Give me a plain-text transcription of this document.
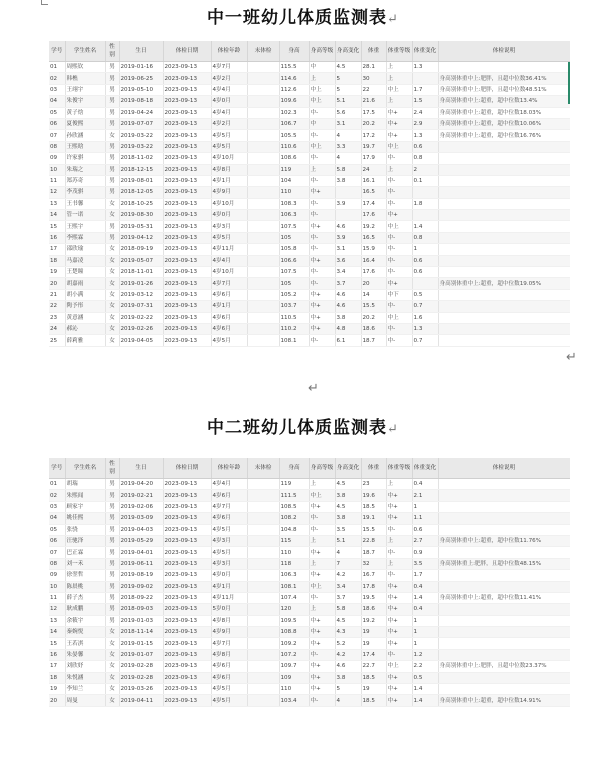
中一班幼儿体质监测表↵
学号	学生姓名	性别	生日	体检日期	体检年龄	末体检	身高	身高等级	身高变化	体重	体重等级	体重变化	体检说明
01	周熙钦	男	2019-01-16	2023-09-13	4岁7月		115.5	中	4.5	28.1	上	1.3	
02	韩樵	男	2019-06-25	2023-09-13	4岁2月		114.6	上	5	30	上		身高别体重中上:肥胖，且超中位数36.41%
03	王翊宇	男	2019-05-10	2023-09-13	4岁4月		112.6	中上	5	22	中上	1.7	身高别体重中上:肥胖，且超中位数48.51%
04	朱俊宇	男	2019-08-18	2023-09-13	4岁0月		109.6	中上	5.1	21.6	上	1.5	身高别体重中上:超重，超中位数13.4%
05	黄子焓	男	2019-04-24	2023-09-13	4岁4月		102.3	中-	5.6	17.5	中+	2.4	身高别体重中上:超重，超中位数18.03%
06	夏俊熙	男	2019-07-07	2023-09-13	4岁2月		106.7	中	3.1	20.2	中+	2.9	身高别体重中上:超重，超中位数10.06%
07	孙欣涵	女	2019-03-22	2023-09-13	4岁5月		105.5	中-	4	17.2	中+	1.3	身高别体重中上:超重，超中位数16.76%
08	王熙晗	男	2019-03-22	2023-09-13	4岁5月		110.6	中上	3.3	19.7	中上	0.6	
09	许家骐	男	2018-11-02	2023-09-13	4岁10月		108.6	中-	4	17.9	中-	0.8	
10	朱瑞之	男	2018-12-15	2023-09-13	4岁8月		119	上	5.8	24	上	2	
11	郑苏奇	男	2019-08-01	2023-09-13	4岁1月		104	中-	3.8	16.1	中-	0.1	
12	李茂骐	男	2018-12-05	2023-09-13	4岁9月		110	中+		16.5	中-		
13	王书馨	女	2018-10-25	2023-09-13	4岁10月		108.3	中-	3.9	17.4	中-	1.8	
14	管一诺	女	2019-08-30	2023-09-13	4岁0月		106.3	中-		17.6	中+		
15	王熙宇	男	2019-05-31	2023-09-13	4岁3月		107.5	中+	4.6	19.2	中上	1.4	
16	李熙霖	男	2019-04-12	2023-09-13	4岁5月		105	中-	3.9	16.5	中-	0.8	
17	邵欣瑜	女	2018-09-19	2023-09-13	4岁11月		105.8	中-	3.1	15.9	中-	1	
18	马嘉凌	女	2019-05-07	2023-09-13	4岁4月		106.6	中+	3.6	16.4	中-	0.6	
19	王楚瞳	女	2018-11-01	2023-09-13	4岁10月		107.5	中-	3.4	17.6	中-	0.6	
20	胡嘉雨	女	2019-01-26	2023-09-13	4岁7月		105	中-	3.7	20	中+		身高别体重中上:超重，超中位数19.05%
21	胡小满	女	2019-03-12	2023-09-13	4岁6月		105.2	中+	4.6	14	中下	0.5	
22	陶予彤	女	2019-07-31	2023-09-13	4岁1月		103.7	中+	4.6	15.5	中-	0.7	
23	黄意涵	女	2019-02-22	2023-09-13	4岁6月		110.5	中+	3.8	20.2	中上	1.6	
24	郝沁	女	2019-02-26	2023-09-13	4岁6月		110.2	中+	4.8	18.6	中-	1.3	
25	薛莉雅	女	2019-04-05	2023-09-13	4岁5月		108.1	中-	6.1	18.7	中-	0.7	
↵
↵
中二班幼儿体质监测表↵
学号	学生姓名	性别	生日	体检日期	体检年龄	末体检	身高	身高等级	身高变化	体重	体重等级	体重变化	体检说明
01	胡瑞	男	2019-04-20	2023-09-13	4岁4月		119	上	4.5	23	上	0.4	
02	朱熙闻	男	2019-02-21	2023-09-13	4岁6月		111.5	中上	3.8	19.6	中+	2.1	
03	顾家宇	男	2019-02-06	2023-09-13	4岁7月		108.5	中+	4.5	18.5	中+	1	
04	姚佳熙	男	2019-03-09	2023-09-13	4岁6月		108.2	中-	3.8	19.1	中+	1.1	
05	张骁	男	2019-04-03	2023-09-13	4岁5月		104.8	中-	3.5	15.5	中-	0.6	
06	汪驰泽	男	2019-05-29	2023-09-13	4岁3月		115	上	5.1	22.8	上	2.7	身高别体重中上:超重，超中位数11.76%
07	巴正霖	男	2019-04-01	2023-09-13	4岁5月		110	中+	4	18.7	中-	0.9	
08	刘一禾	男	2019-06-11	2023-09-13	4岁3月		118	上	7	32	上	3.5	身高别体重上:肥胖，且超中位数48.15%
09	徐翌哲	男	2019-08-19	2023-09-13	4岁0月		106.3	中+	4.2	16.7	中-	1.7	
10	陈晨桃	男	2019-09-02	2023-09-13	4岁1月		108.1	中上	3.4	17.8	中+	0.4	
11	薛子杰	男	2018-09-22	2023-09-13	4岁11月		107.4	中-	3.7	19.5	中+	1.4	身高别体重中上:超重，超中位数11.41%
12	耿成鹏	男	2018-09-03	2023-09-13	5岁0月		120	上	5.8	18.6	中+	0.4	
13	余筱宇	男	2019-01-03	2023-09-13	4岁8月		109.5	中+	4.5	19.2	中+	1	
14	秦婉悦	女	2018-11-14	2023-09-13	4岁9月		108.8	中+	4.3	19	中+	1	
15	王若淇	女	2019-01-15	2023-09-13	4岁7月		109.2	中+	5.2	19	中+	1	
16	朱晏馨	女	2019-01-07	2023-09-13	4岁8月		107.2	中-	4.2	17.4	中-	1.2	
17	刘欣妤	女	2019-02-28	2023-09-13	4岁6月		109.7	中+	4.6	22.7	中上	2.2	身高别体重中上:肥胖，且超中位数23.37%
18	朱悦涵	女	2019-02-28	2023-09-13	4岁6月		109	中+	3.8	18.5	中+	0.5	
19	李知兰	女	2019-03-26	2023-09-13	4岁5月		110	中+	5	19	中+	1.4	
20	周曼	女	2019-04-11	2023-09-13	4岁5月		103.4	中-	4	18.5	中+	1.4	身高别体重中上:超重，超中位数14.91%
